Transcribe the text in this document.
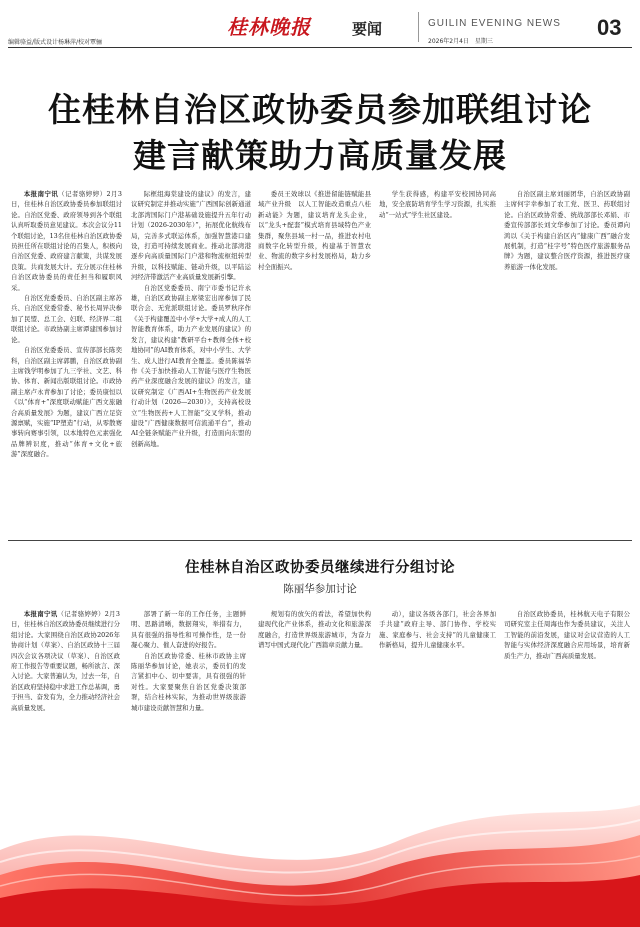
编辑骆益/版式设计杨琳萍/校对覃骊
桂林晚报	要闻	GUILIN EVENING NEWS
2026年2月4日　星期三
03
住桂林自治区政协委员参加联组讨论
建言献策助力高质量发展

本报南宁讯（记者骆婷婷）2月3日，住桂林自治区政协委员参加联组讨论。自治区党委、政府领导到各个联组认真听取委员意见建议。本次会议分11个联组讨论，13名住桂林自治区政协委员担任所在联组讨论的召集人，积极向自治区党委、政府建言献策，共谋发展良策。共商发展大计。充分展示住桂林自治区政协委员的责任担当和履职风采。

自治区党委委员、自治区副主席苏兵、自治区党委常委、秘书长周异决参加了民盟、总工会、妇联、经济界二组联组讨论。市政协副主席谭建国参加讨论。

自治区党委委员、宣传部部长陈奕科，自治区副主席郭鹏，自治区政协副主席钱学明参加了九三学社、文艺、科协、体育、新闻出版联组讨论。市政协副主席卢永青参加了讨论；委员康恒以《以“体育+”深度联动赋能广西文旅融合高质量发展》为题，建议广西立足资源禀赋，实施“IP塑造”行动，从零散赛事转向赛事引领，以本地特色元素强化品牌辨识度，推动“体育+文化+旅游”深度融合。

际框组海棠建设的建议》的发言，建议研究制定并推动实施“广西国际创新通道北部湾国际门户港基础设施提升五年行动计划（2026-2030年）”，拓展优化航线布局，完善多式联运体系，加强智慧港口建设，打造可持续发展商业。推动北部湾港逐步向高质量国际门户港和物流枢纽转型升级，以科技赋能、链动升级，以平陆运河经济带激活产业高质量发展新引擎。

自治区党委委员、南宁市委书记许永雄，自治区政协副主席梁宏出席参加了民联合会、无党派联组讨论。委员罗秋序作《关于构建覆盖中小学+大学+成人的人工智能教育体系，助力产业发展的建议》的发言，建议构建“教研平台+教师全体+校地协同”的AI教育体系，对中小学生、大学生、成人进行AI教育全覆盖。委员陈福华作《关于加快推动人工智能与医疗生物医药产业深度融合发展的建议》的发言，建议研究制定《广西AI+生物医药产业发展行动计划（2026—2030）》，支持高校设立“生物医药+人工智能”交叉学科，推动建设“广西健康数据可信流通平台”，推动AI全链条赋能产业升级，打造面向东盟的创新高地。

委员王效球以《推进留能链赋能县域产业升级　以人工智能改造重点八桂新动能》为题，建议培育龙头企业，以“龙头+配套”模式培育县域特色产业集群，聚焦县域一村一品，推进农村电商数字化转型升级，构建基于智慧农业、物流的数字乡村发展格局，助力乡村全面振兴。

学生获得感，构建平安校园协同高地，安全底防培育学生学习资源，扎实推动“一站式”学生社区建设。

自治区副主席刘丽团华，自治区政协副主席何宇幸参加了农工党、医卫、药联组讨论。自治区政协常委、统战部部长邓娟、市委宣传部部长刘文华参加了讨论。委员谭向鸿以《关于构建自治区内“健康广西”融合发展机制，打造“桂字号”特色医疗旅游服务品牌》为题，建议整合医疗资源，推进医疗康养旅游一体化发展。

住桂林自治区政协委员继续进行分组讨论
陈丽华参加讨论

本报南宁讯（记者骆婷婷）2月3日，住桂林自治区政协委员继续进行分组讨论。大家围绕自治区政协2026年协商计划（草案）、自治区政协十三届四次会议各项决议（草案）、自治区政府工作报告等重要议题，畅所欲言、深入讨论。大家普遍认为，过去一年，自治区政府坚持稳中求进工作总基调，勇于担当、奋发有为，全力推动经济社会高质量发展。

部署了新一年的工作任务，主题鲜明、思路清晰，数据翔实，举措有力，具有很强的指导性和可操作性，是一份凝心聚力、催人奋进的好报告。

自治区政协常委、桂林市政协主席陈丽华参加讨论，她表示，委员们的发言紧扣中心、切中要害，具有很强的针对性。大家要聚焦自治区党委决策部署，结合桂林实际，为推动世界级旅游城市建设贡献智慧和力量。

规划有的放矢的看法，希望加快构建现代化产业体系，推动文化和旅游深度融合，打造世界级旅游城市，为奋力谱写中国式现代化广西篇章贡献力量。

动），建议各级各部门，社会各界加手共建“政府主导、部门协作、学校实施、家庭参与、社会支持”的儿童健康工作新格局，提升儿童健康水平。

自治区政协委员，桂林航天电子有限公司研究室主任周海也作为委员建议，关注人工智能的前沿发展，建议对会议营造的人工智能与实体经济深度融合应用场景，培育新质生产力，推动广西高质量发展。
